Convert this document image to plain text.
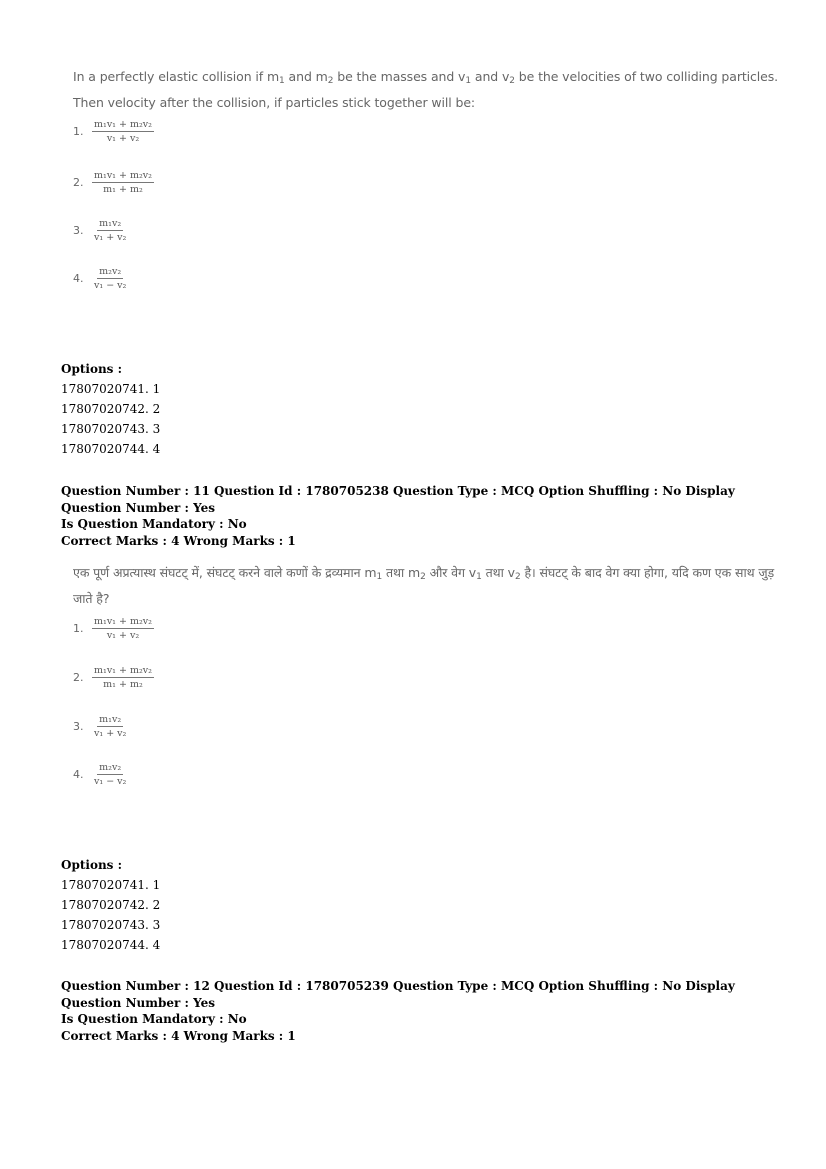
In a perfectly elastic collision if $m_1$ and $m_2$ be the masses and $v_1$ and $v_2$ be the velocities of two colliding particles. Then velocity after the collision, if particles stick together will be:
1. $\frac{\text{m₁v₁ + m₂v₂}}{\text{v₁ + v₂}}$
2. $\frac{\text{m₁v₁ + m₂v₂}}{\text{m₁ + m₂}}$
3. $\frac{\text{m₁v₂}}{\text{v₁ + v₂}}$
4. $\frac{\text{m₂v₂}}{\text{v₁ − v₂}}$
Options :
17807020741. 1
17807020742. 2
17807020743. 3
17807020744. 4
Question Number : 11 Question Id : 1780705238 Question Type : MCQ Option Shuffling : No Display Question Number : Yes
Is Question Mandatory : No
Correct Marks : 4 Wrong Marks : 1
एक पूर्ण अप्रत्यास्थ संघटट् में, संघटट् करने वाले कणों के द्रव्यमान $m_1$ तथा $m_2$ और वेग $v_1$ तथा $v_2$ है। संघटट् के बाद वेग क्या होगा, यदि कण एक साथ जुड़ जाते है?
1. $\frac{\text{m₁v₁ + m₂v₂}}{\text{v₁ + v₂}}$
2. $\frac{\text{m₁v₁ + m₂v₂}}{\text{m₁ + m₂}}$
3. $\frac{\text{m₁v₂}}{\text{v₁ + v₂}}$
4. $\frac{\text{m₂v₂}}{\text{v₁ − v₂}}$
Options :
17807020741. 1
17807020742. 2
17807020743. 3
17807020744. 4
Question Number : 12 Question Id : 1780705239 Question Type : MCQ Option Shuffling : No Display Question Number : Yes
Is Question Mandatory : No
Correct Marks : 4 Wrong Marks : 1
